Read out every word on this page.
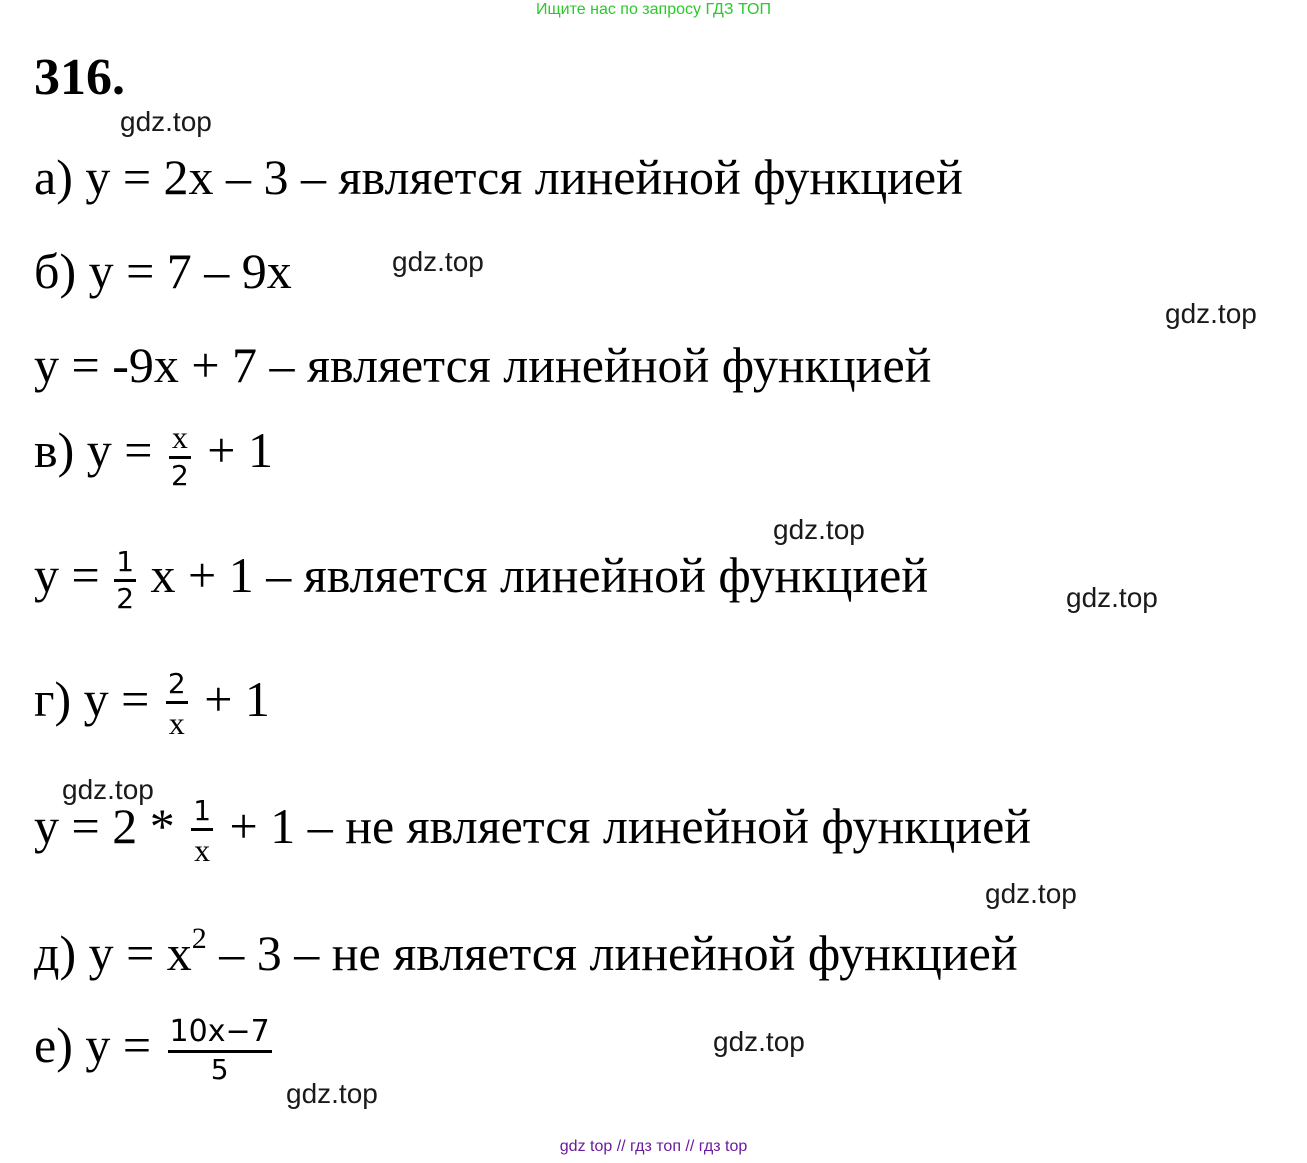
Ищите нас по запросу ГДЗ ТОП
316.
gdz.top
а) y = 2x – 3 – является линейной функцией
б) y = 7 – 9x	gdz.top
gdz.top
y = -9x + 7 – является линейной функцией
в) $y = \frac{x}{2} + 1$
gdz.top
$y = \frac{1}{2}$ x + 1 – является линейной функцией	gdz.top
г) $y = \frac{2}{x} + 1$
gdz.top
$y = 2 * \frac{1}{x} + 1$ – не является линейной функцией
gdz.top
д) $y = x^2 - 3$ – не является линейной функцией
gdz.top
е) $y = \frac{10x-7}{5}$
gdz.top
gdz top // гдз топ // гдз top
